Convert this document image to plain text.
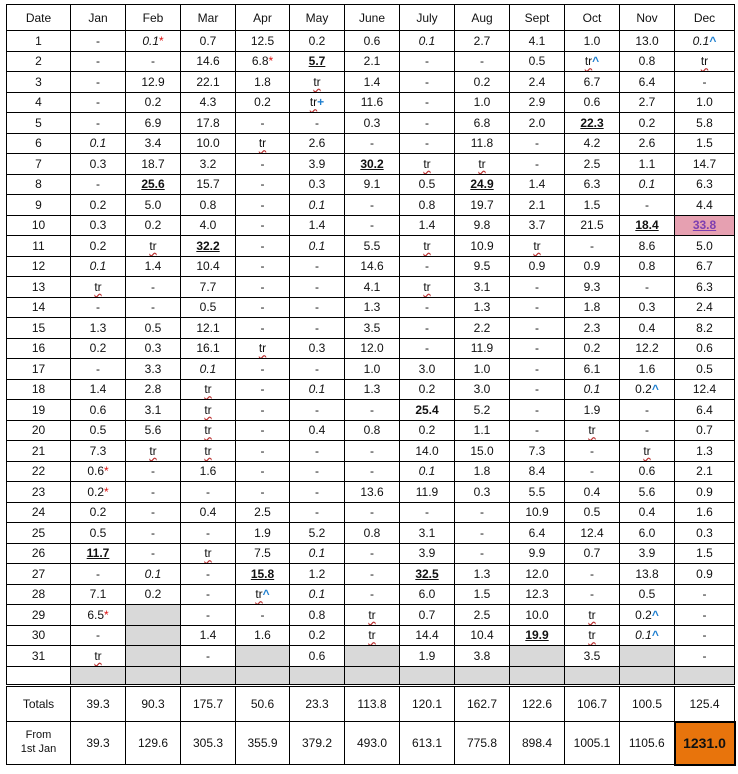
Date	Jan	Feb	Mar	Apr	May	June	July	Aug	Sept	Oct	Nov	Dec
1	-	0.1*	0.7	12.5	0.2	0.6	0.1	2.7	4.1	1.0	13.0	0.1^
2	-	-	14.6	6.8*	5.7	2.1	-	-	0.5	tr^	0.8	tr
3	-	12.9	22.1	1.8	tr	1.4	-	0.2	2.4	6.7	6.4	-
4	-	0.2	4.3	0.2	tr+	11.6	-	1.0	2.9	0.6	2.7	1.0
5	-	6.9	17.8	-	-	0.3	-	6.8	2.0	22.3	0.2	5.8
6	0.1	3.4	10.0	tr	2.6	-	-	11.8	-	4.2	2.6	1.5
7	0.3	18.7	3.2	-	3.9	30.2	tr	tr	-	2.5	1.1	14.7
8	-	25.6	15.7	-	0.3	9.1	0.5	24.9	1.4	6.3	0.1	6.3
9	0.2	5.0	0.8	-	0.1	-	0.8	19.7	2.1	1.5	-	4.4
10	0.3	0.2	4.0	-	1.4	-	1.4	9.8	3.7	21.5	18.4	33.8
11	0.2	tr	32.2	-	0.1	5.5	tr	10.9	tr	-	8.6	5.0
12	0.1	1.4	10.4	-	-	14.6	-	9.5	0.9	0.9	0.8	6.7
13	tr	-	7.7	-	-	4.1	tr	3.1	-	9.3	-	6.3
14	-	-	0.5	-	-	1.3	-	1.3	-	1.8	0.3	2.4
15	1.3	0.5	12.1	-	-	3.5	-	2.2	-	2.3	0.4	8.2
16	0.2	0.3	16.1	tr	0.3	12.0	-	11.9	-	0.2	12.2	0.6
17	-	3.3	0.1	-	-	1.0	3.0	1.0	-	6.1	1.6	0.5
18	1.4	2.8	tr	-	0.1	1.3	0.2	3.0	-	0.1	0.2^	12.4
19	0.6	3.1	tr	-	-	-	25.4	5.2	-	1.9	-	6.4
20	0.5	5.6	tr	-	0.4	0.8	0.2	1.1	-	tr	-	0.7
21	7.3	tr	tr	-	-	-	14.0	15.0	7.3	-	tr	1.3
22	0.6*	-	1.6	-	-	-	0.1	1.8	8.4	-	0.6	2.1
23	0.2*	-	-	-	-	13.6	11.9	0.3	5.5	0.4	5.6	0.9
24	0.2	-	0.4	2.5	-	-	-	-	10.9	0.5	0.4	1.6
25	0.5	-	-	1.9	5.2	0.8	3.1	-	6.4	12.4	6.0	0.3
26	11.7	-	tr	7.5	0.1	-	3.9	-	9.9	0.7	3.9	1.5
27	-	0.1	-	15.8	1.2	-	32.5	1.3	12.0	-	13.8	0.9
28	7.1	0.2	-	tr^	0.1	-	6.0	1.5	12.3	-	0.5	-
29	6.5*		-	-	0.8	tr	0.7	2.5	10.0	tr	0.2^	-
30	-		1.4	1.6	0.2	tr	14.4	10.4	19.9	tr	0.1^	-
31	tr		-		0.6		1.9	3.8		3.5		-

Totals	39.3	90.3	175.7	50.6	23.3	113.8	120.1	162.7	122.6	106.7	100.5	125.4
From
1st Jan	39.3	129.6	305.3	355.9	379.2	493.0	613.1	775.8	898.4	1005.1	1105.6	1231.0
